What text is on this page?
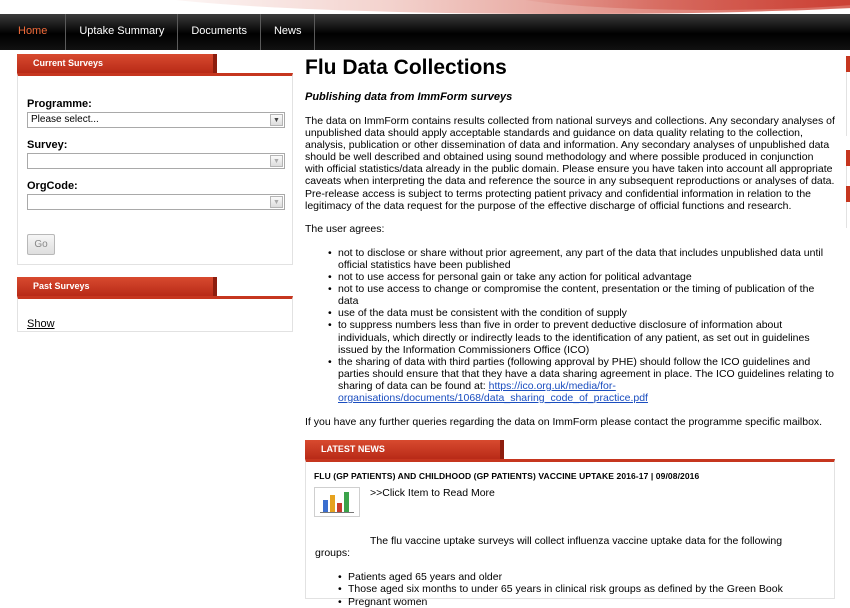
Home	Uptake Summary	Documents	News
Current Surveys
Programme:
Please select...	▼
Survey:
▼
OrgCode:
▼
Go
Past Surveys
Show
Flu Data Collections
Publishing data from ImmForm surveys

The data on ImmForm contains results collected from national surveys and collections. Any secondary analyses of unpublished data should apply acceptable standards and guidance on data quality relating to the collection, analysis, publication or other dissemination of data and information. Any secondary analyses of unpublished data should be well described and obtained using sound methodology and where possible produced in conjunction with official statistics/data already in the public domain. Please ensure you have taken into account all appropriate caveats when interpreting the data and reference the source in any subsequent reproductions or analyses of data. Pre-release access is subject to terms protecting patient privacy and confidential information in relation to the legitimacy of the data request for the purpose of the effective discharge of official functions and research.

The user agrees:

• not to disclose or share without prior agreement, any part of the data that includes unpublished data until official statistics have been published
• not to use access for personal gain or take any action for political advantage
• not to use access to change or compromise the content, presentation or the timing of publication of the data
• use of the data must be consistent with the condition of supply
• to suppress numbers less than five in order to prevent deductive disclosure of information about individuals, which directly or indirectly leads to the identification of any patient, as set out in guidelines issued by the Information Commissioners Office (ICO)
• the sharing of data with third parties (following approval by PHE) should follow the ICO guidelines and parties should ensure that that they have a data sharing agreement in place. The ICO guidelines relating to sharing of data can be found at: https://ico.org.uk/media/for-organisations/documents/1068/data_sharing_code_of_practice.pdf

If you have any further queries regarding the data on ImmForm please contact the programme specific mailbox.

LATEST NEWS
FLU (GP PATIENTS) AND CHILDHOOD (GP PATIENTS) VACCINE UPTAKE 2016-17 | 09/08/2016
>>Click Item to Read More
The flu vaccine uptake surveys will collect influenza vaccine uptake data for the following
groups:
• Patients aged 65 years and older
• Those aged six months to under 65 years in clinical risk groups as defined by the Green Book
• Pregnant women
